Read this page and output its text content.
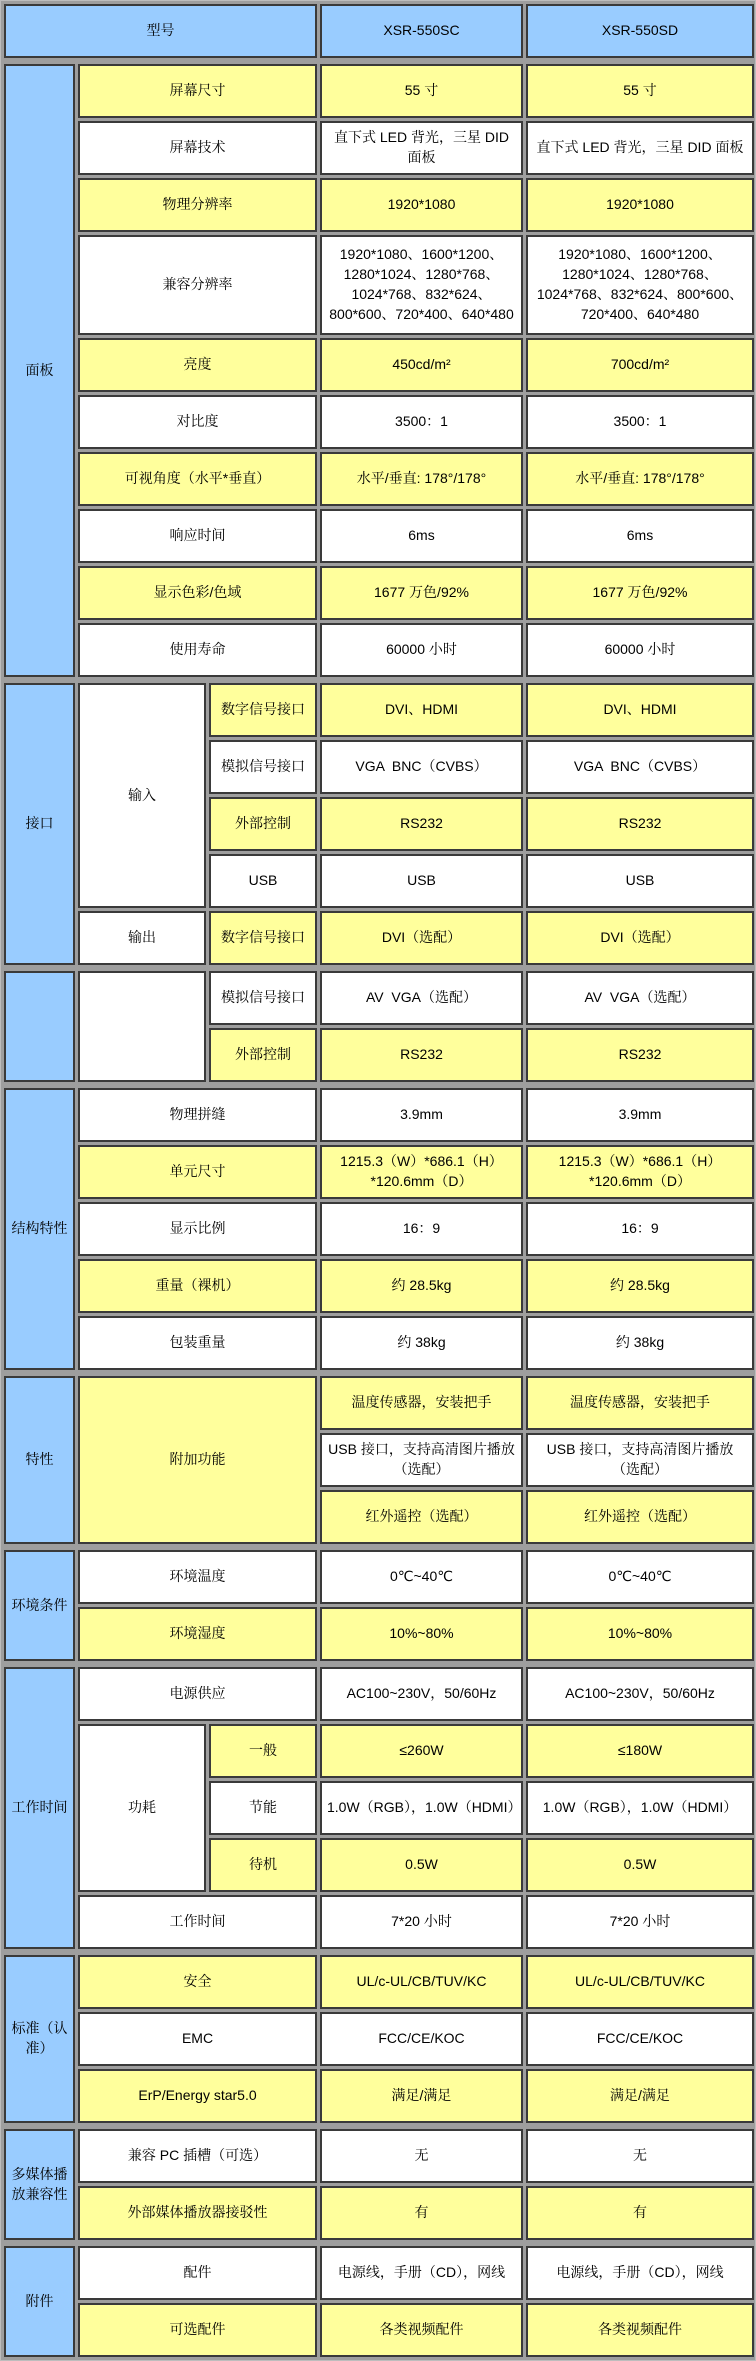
型号	XSR-550SC	XSR-550SD
面板	屏幕尺寸	55 寸	55 寸
	屏幕技术	直下式 LED 背光，三星 DID 面板	直下式 LED 背光，三星 DID 面板
	物理分辨率	1920*1080	1920*1080
	兼容分辨率	1920*1080、1600*1200、1280*1024、1280*768、1024*768、832*624、800*600、720*400、640*480	1920*1080、1600*1200、1280*1024、1280*768、1024*768、832*624、800*600、720*400、640*480
	亮度	450cd/m²	700cd/m²
	对比度	3500：1	3500：1
	可视角度（水平*垂直）	水平/垂直: 178°/178°	水平/垂直: 178°/178°
	响应时间	6ms	6ms
	显示色彩/色域	1677 万色/92%	1677 万色/92%
	使用寿命	60000 小时	60000 小时
接口	输入	数字信号接口	DVI、HDMI	DVI、HDMI
		模拟信号接口	VGA  BNC（CVBS）	VGA  BNC（CVBS）
		外部控制	RS232	RS232
		USB	USB	USB
	输出	数字信号接口	DVI（选配）	DVI（选配）
		模拟信号接口	AV  VGA（选配）	AV  VGA（选配）
		外部控制	RS232	RS232
结构特性	物理拼缝	3.9mm	3.9mm
	单元尺寸	1215.3（W）*686.1（H）*120.6mm（D）	1215.3（W）*686.1（H）*120.6mm（D）
	显示比例	16：9	16：9
	重量（裸机）	约 28.5kg	约 28.5kg
	包装重量	约 38kg	约 38kg
特性	附加功能	温度传感器，安装把手	温度传感器，安装把手
		USB 接口，支持高清图片播放（选配）	USB 接口，支持高清图片播放（选配）
		红外遥控（选配）	红外遥控（选配）
环境条件	环境温度	0℃~40℃	0℃~40℃
	环境湿度	10%~80%	10%~80%
工作时间	电源供应		AC100~230V，50/60Hz	AC100~230V，50/60Hz
	功耗	一般	≤260W	≤180W
		节能	1.0W（RGB），1.0W（HDMI）	1.0W（RGB），1.0W（HDMI）
		待机	0.5W	0.5W
	工作时间		7*20 小时	7*20 小时
标准（认准）	安全	UL/c-UL/CB/TUV/KC	UL/c-UL/CB/TUV/KC
	EMC	FCC/CE/KOC	FCC/CE/KOC
	ErP/Energy star5.0	满足/满足	满足/满足
多媒体播放兼容性	兼容 PC 插槽（可选）	无	无
	外部媒体播放器接驳性	有	有
附件	配件	电源线，手册（CD），网线	电源线，手册（CD），网线
	可选配件	各类视频配件	各类视频配件
